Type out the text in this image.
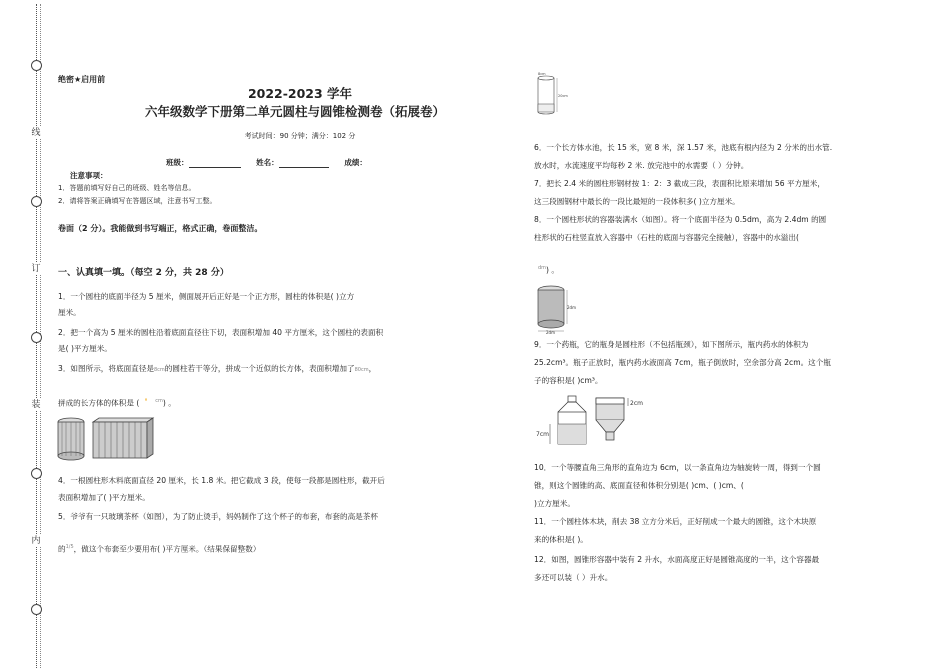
线
订
装
内
绝密★启用前
2022-2023 学年
六年级数学下册第二单元圆柱与圆锥检测卷（拓展卷）
考试时间：90 分钟；满分：102 分
班级：	姓名：	成绩：
注意事项：
1．答题前填写好自己的班级、姓名等信息。
2．请将答案正确填写在答题区域，注意书写工整。
卷面（2 分）。我能做到书写端正，格式正确，卷面整洁。
一、认真填一填。（每空 2 分，共 28 分）
1．一个圆柱的底面半径为 5 厘米，侧面展开后正好是一个正方形，圆柱的体积是( )立方
厘米。
2．把一个高为 5 厘米的圆柱沿着底面直径往下切，表面积增加 40 平方厘米，这个圆柱的表面积
是( )平方厘米。
3．如图所示，将底面直径是8cm的圆柱若干等分，拼成一个近似的长方体，表面积增加了80cm，
拼成的长方体的体积是 ( ˚ $^{cm}$) 。
4．一根圆柱形木料底面直径 20 厘米，长 1.8 米。把它截成 3 段，使每一段都是圆柱形，截开后
表面积增加了( )平方厘米。
5．爷爷有一只玻璃茶杯（如图），为了防止烫手，妈妈制作了这个杯子的布套，布套的高是茶杯
的$^{1/5}$，做这个布套至少要用布( )平方厘米。（结果保留整数）
8cm
20cm
6．一个长方体水池，长 15 米，宽 8 米，深 1.57 米，池底有根内径为 2 分米的出水管.
放水时，水流速度平均每秒 2 米. 放完池中的水需要（ ）分钟。
7．把长 2.4 米的圆柱形钢材按 1：2：3 截成三段，表面积比原来增加 56 平方厘米，
这三段圆钢材中最长的一段比最短的一段体积多( )立方厘米。
8．一个圆柱形状的容器装满水（如图）。将一个底面半径为 0.5dm，高为 2.4dm 的圆
柱形状的石柱竖直放入容器中（石柱的底面与容器完全接触），容器中的水溢出(
$^{dm}$) 。
2dm
2dm
9．一个药瓶，它的瓶身是圆柱形（不包括瓶颈），如下图所示，瓶内药水的体积为
25.2cm³。瓶子正放时，瓶内药水液面高 7cm，瓶子倒放时，空余部分高 2cm。这个瓶
子的容积是( )cm³。
7cm
2cm
10．一个等腰直角三角形的直角边为 6cm，以一条直角边为轴旋转一周，得到一个圆
锥，则这个圆锥的高、底面直径和体积分别是( )cm、( )cm、(
)立方厘米。
11．一个圆柱体木块，削去 38 立方分米后，正好削成一个最大的圆锥，这个木块原
来的体积是( )。
12．如图，圆锥形容器中装有 2 升水，水面高度正好是圆锥高度的一半，这个容器最
多还可以装（ ）升水。
